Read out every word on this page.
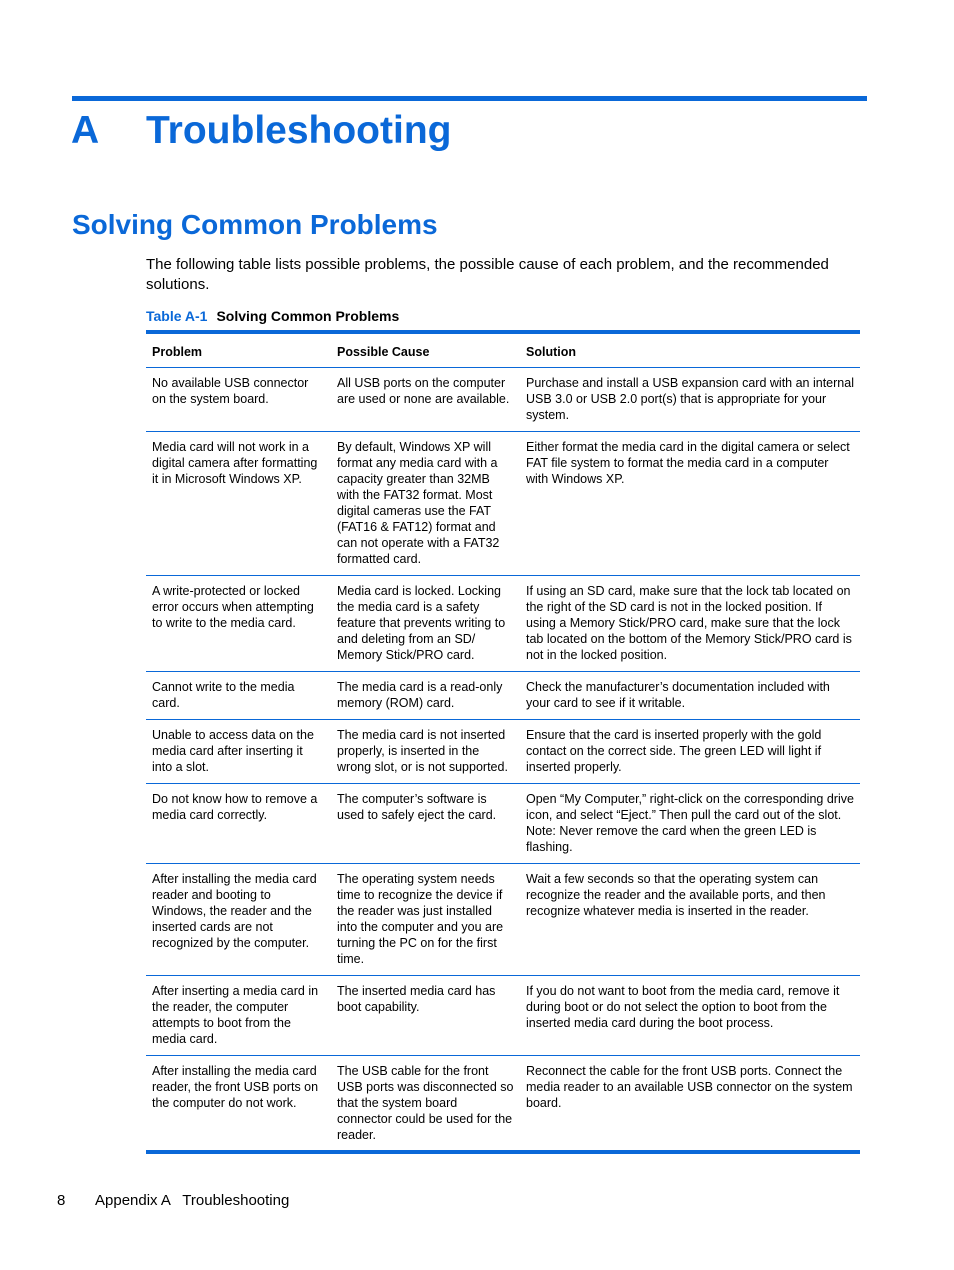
A Troubleshooting
Solving Common Problems
The following table lists possible problems, the possible cause of each problem, and the recommended solutions.
Table A-1 Solving Common Problems
Problem	Possible Cause	Solution
No available USB connector on the system board.	All USB ports on the computer are used or none are available.	Purchase and install a USB expansion card with an internal USB 3.0 or USB 2.0 port(s) that is appropriate for your system.
Media card will not work in a digital camera after formatting it in Microsoft Windows XP.	By default, Windows XP will format any media card with a capacity greater than 32MB with the FAT32 format. Most digital cameras use the FAT (FAT16 & FAT12) format and can not operate with a FAT32 formatted card.	Either format the media card in the digital camera or select FAT file system to format the media card in a computer with Windows XP.
A write-protected or locked error occurs when attempting to write to the media card.	Media card is locked. Locking the media card is a safety feature that prevents writing to and deleting from an SD/ Memory Stick/PRO card.	If using an SD card, make sure that the lock tab located on the right of the SD card is not in the locked position. If using a Memory Stick/PRO card, make sure that the lock tab located on the bottom of the Memory Stick/PRO card is not in the locked position.
Cannot write to the media card.	The media card is a read-only memory (ROM) card.	Check the manufacturer’s documentation included with your card to see if it writable.
Unable to access data on the media card after inserting it into a slot.	The media card is not inserted properly, is inserted in the wrong slot, or is not supported.	Ensure that the card is inserted properly with the gold contact on the correct side. The green LED will light if inserted properly.
Do not know how to remove a media card correctly.	The computer’s software is used to safely eject the card.	Open “My Computer,” right-click on the corresponding drive icon, and select “Eject.” Then pull the card out of the slot. Note: Never remove the card when the green LED is flashing.
After installing the media card reader and booting to Windows, the reader and the inserted cards are not recognized by the computer.	The operating system needs time to recognize the device if the reader was just installed into the computer and you are turning the PC on for the first time.	Wait a few seconds so that the operating system can recognize the reader and the available ports, and then recognize whatever media is inserted in the reader.
After inserting a media card in the reader, the computer attempts to boot from the media card.	The inserted media card has boot capability.	If you do not want to boot from the media card, remove it during boot or do not select the option to boot from the inserted media card during the boot process.
After installing the media card reader, the front USB ports on the computer do not work.	The USB cable for the front USB ports was disconnected so that the system board connector could be used for the reader.	Reconnect the cable for the front USB ports. Connect the media reader to an available USB connector on the system board.
8 Appendix A   Troubleshooting
